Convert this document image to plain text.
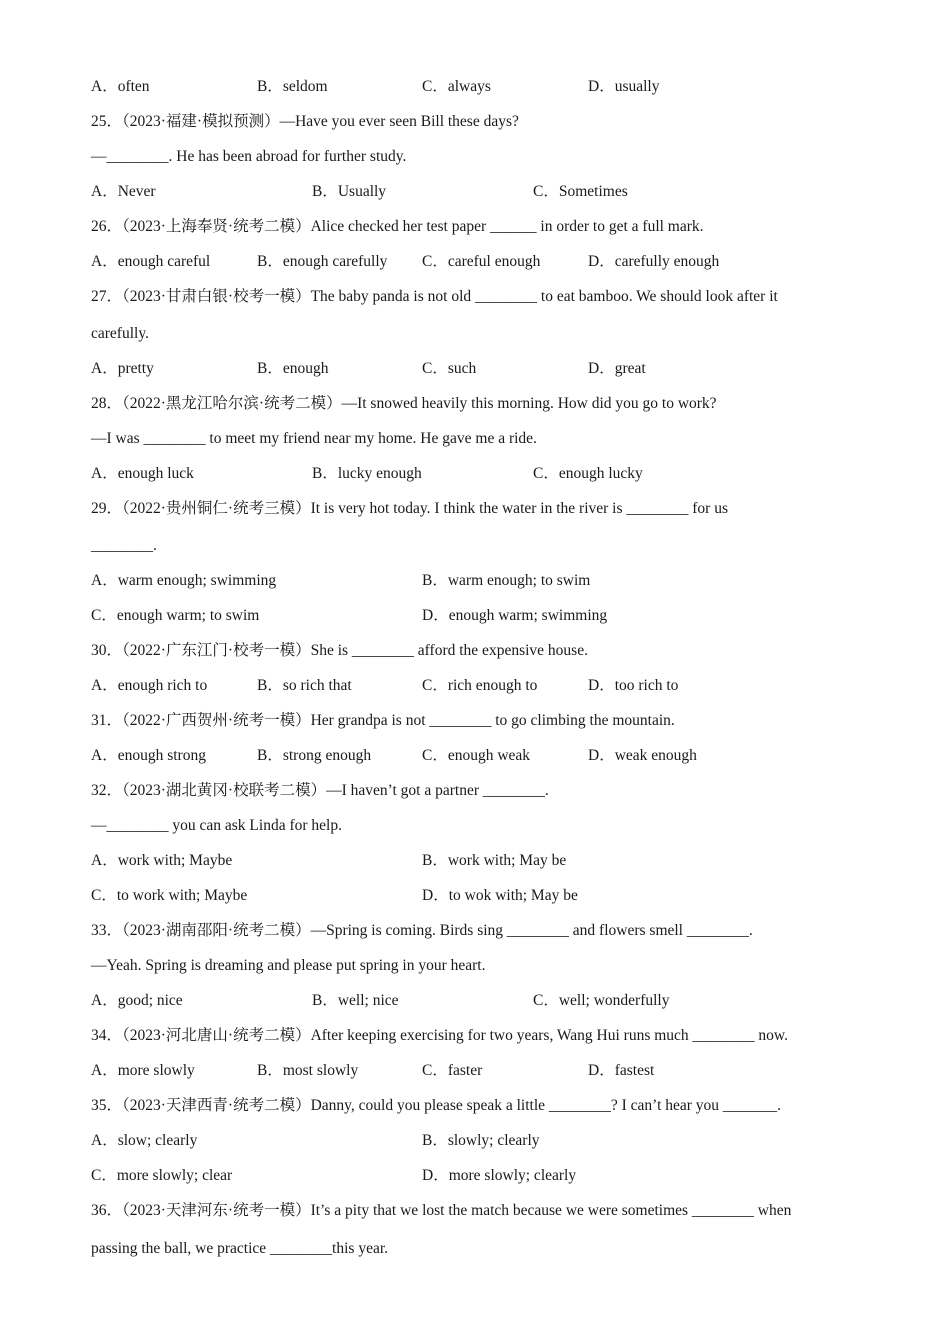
A．often	B．seldom	C．always	D．usually
25．（2023·福建·模拟预测）—Have you ever seen Bill these days?
—________. He has been abroad for further study.
A．Never	B．Usually	C．Sometimes
26．（2023·上海奉贤·统考二模）Alice checked her test paper ______ in order to get a full mark.
A．enough careful	B．enough carefully C．careful enough	D．carefully enough
27．（2023·甘肃白银·校考一模）The baby panda is not old ________ to eat bamboo. We should look after it
carefully.
A．pretty	B．enough	C．such	D．great
28．（2022·黑龙江哈尔滨·统考二模）—It snowed heavily this morning. How did you go to work?
—I was ________ to meet my friend near my home. He gave me a ride.
A．enough luck	B．lucky enough	C．enough lucky
29．（2022·贵州铜仁·统考三模）It is very hot today. I think the water in the river is ________ for us
________.
A．warm enough; swimming	B．warm enough; to swim
C．enough warm; to swim	D．enough warm; swimming
30．（2022·广东江门·校考一模）She is ________ afford the expensive house.
A．enough rich to	B．so rich that	C．rich enough to	D．too rich to
31．（2022·广西贺州·统考一模）Her grandpa is not ________ to go climbing the mountain.
A．enough strong	B．strong enough	C．enough weak	D．weak enough
32．（2023·湖北黄冈·校联考二模）—I haven’t got a partner ________.
—________ you can ask Linda for help.
A．work with; Maybe	B．work with; May be
C．to work with; Maybe	D．to wok with; May be
33．（2023·湖南邵阳·统考二模）—Spring is coming. Birds sing ________ and flowers smell ________.
—Yeah. Spring is dreaming and please put spring in your heart.
A．good; nice	B．well; nice	C．well; wonderfully
34．（2023·河北唐山·统考二模）After keeping exercising for two years, Wang Hui runs much ________ now.
A．more slowly	B．most slowly	C．faster	D．fastest
35．（2023·天津西青·统考二模）Danny, could you please speak a little ________? I can’t hear you _______.
A．slow; clearly	B．slowly; clearly
C．more slowly; clear	D．more slowly; clearly
36．（2023·天津河东·统考一模）It’s a pity that we lost the match because we were sometimes ________ when
passing the ball, we practice ________this year.
